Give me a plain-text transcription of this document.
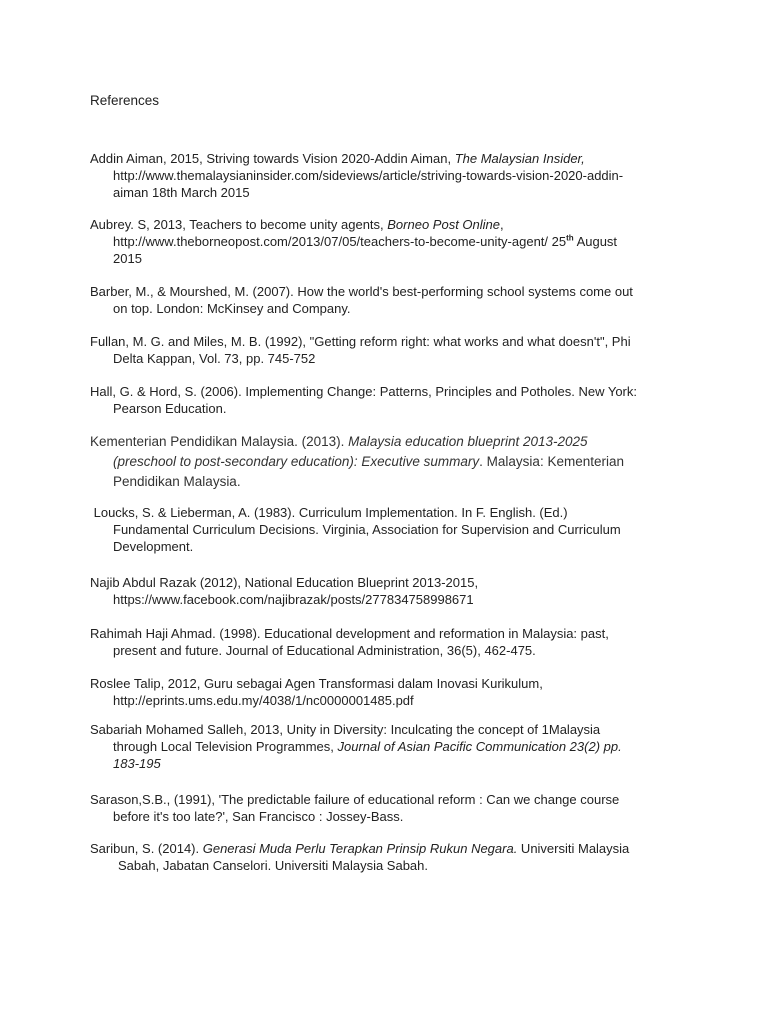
References
Addin Aiman, 2015, Striving towards Vision 2020-Addin Aiman, The Malaysian Insider,
http://www.themalaysianinsider.com/sideviews/article/striving-towards-vision-2020-addin-
aiman 18th March 2015
Aubrey. S, 2013, Teachers to become unity agents, Borneo Post Online,
http://www.theborneopost.com/2013/07/05/teachers-to-become-unity-agent/ 25th August
2015
Barber, M., & Mourshed, M. (2007). How the world's best-performing school systems come out
on top. London: McKinsey and Company.
Fullan, M. G. and Miles, M. B. (1992), "Getting reform right: what works and what doesn't", Phi
Delta Kappan, Vol. 73, pp. 745-752
Hall, G. & Hord, S. (2006). Implementing Change: Patterns, Principles and Potholes. New York:
Pearson Education.
Kementerian Pendidikan Malaysia. (2013). Malaysia education blueprint 2013-2025
(preschool to post-secondary education): Executive summary. Malaysia: Kementerian
Pendidikan Malaysia.
Loucks, S. & Lieberman, A. (1983). Curriculum Implementation. In F. English. (Ed.)
Fundamental Curriculum Decisions. Virginia, Association for Supervision and Curriculum
Development.
Najib Abdul Razak (2012), National Education Blueprint 2013-2015,
https://www.facebook.com/najibrazak/posts/277834758998671
Rahimah Haji Ahmad. (1998). Educational development and reformation in Malaysia: past,
present and future. Journal of Educational Administration, 36(5), 462-475.
Roslee Talip, 2012, Guru sebagai Agen Transformasi dalam Inovasi Kurikulum,
http://eprints.ums.edu.my/4038/1/nc0000001485.pdf
Sabariah Mohamed Salleh, 2013, Unity in Diversity: Inculcating the concept of 1Malaysia
through Local Television Programmes, Journal of Asian Pacific Communication 23(2) pp.
183-195
Sarason,S.B., (1991), 'The predictable failure of educational reform : Can we change course
before it's too late?', San Francisco : Jossey-Bass.
Saribun, S. (2014). Generasi Muda Perlu Terapkan Prinsip Rukun Negara. Universiti Malaysia
Sabah, Jabatan Canselori. Universiti Malaysia Sabah.
